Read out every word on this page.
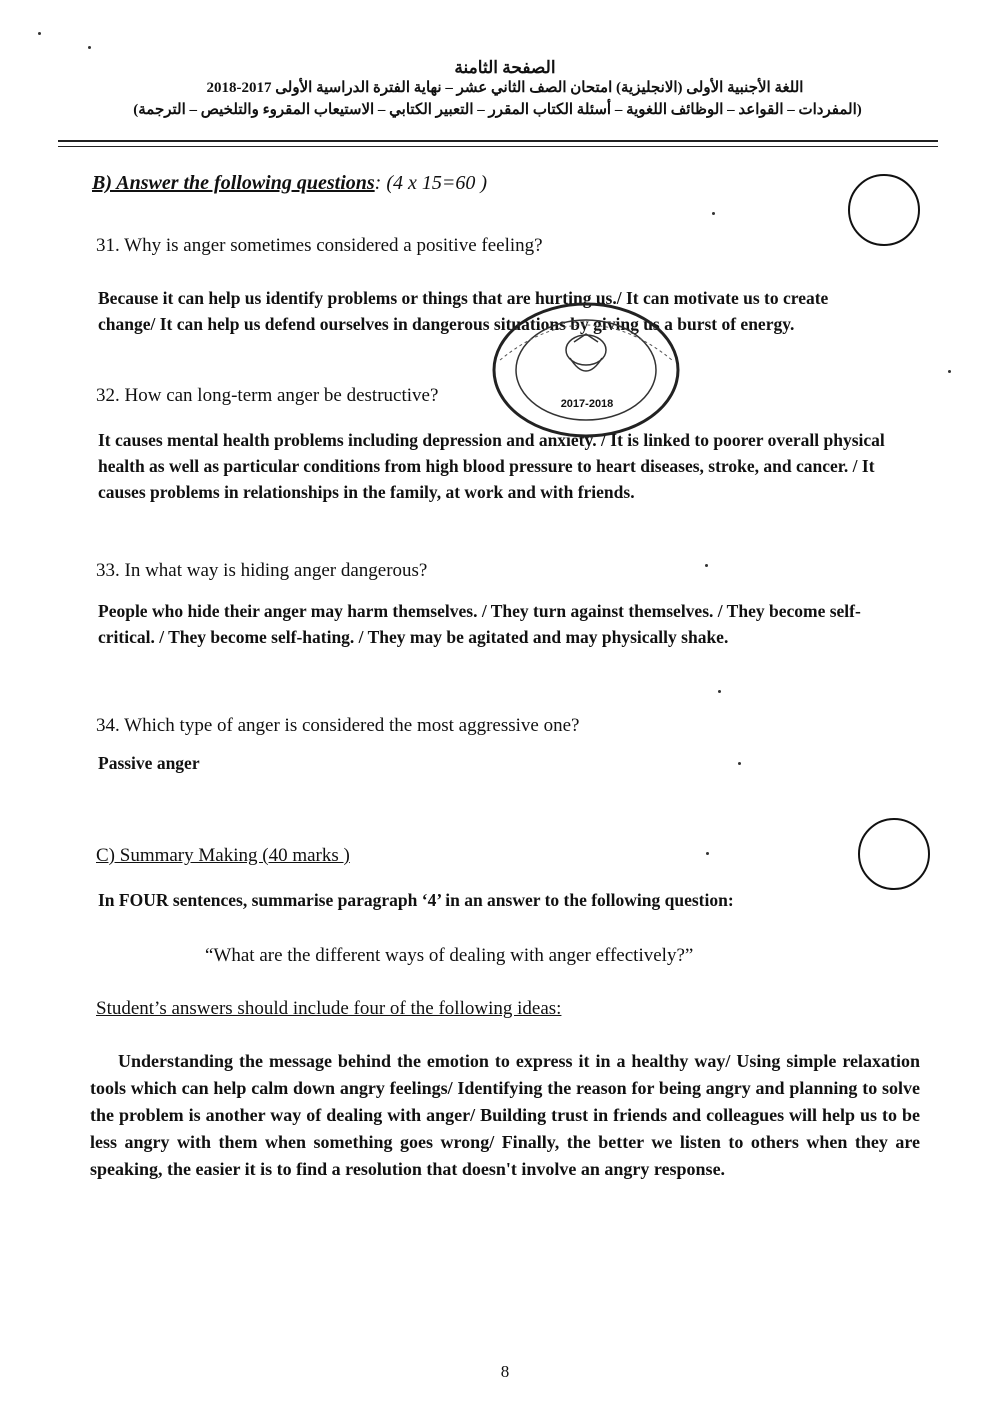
الصفحة الثامنة
اللغة الأجنبية الأولى (الانجليزية) امتحان الصف الثاني عشر – نهاية الفترة الدراسية الأولى 2017-2018
(المفردات – القواعد – الوظائف اللغوية – أسئلة الكتاب المقرر – التعبير الكتابي – الاستيعاب المقروء والتلخيص – الترجمة)
B) Answer the following questions: (4 x 15=60 )
31. Why is anger sometimes considered a positive feeling?

Because it can help us identify problems or things that are hurting us./ It can motivate us to create change/ It can help us defend ourselves in dangerous situations by giving us a burst of energy.

32. How can long-term anger be destructive?

It causes mental health problems including depression and anxiety. / It is linked to poorer overall physical health as well as particular conditions from high blood pressure to heart diseases, stroke, and cancer. / It causes problems in relationships in the family, at work and with friends.

33. In what way is hiding anger dangerous?

People who hide their anger may harm themselves. / They turn against themselves. / They become self-critical. / They become self-hating. / They may be agitated and may physically shake.

34. Which type of anger is considered the most aggressive one?

Passive anger

2017-2018
C) Summary Making (40 marks )

In FOUR sentences, summarise paragraph ‘4’ in an answer to the following question:

“What are the different ways of dealing with anger effectively?”
Student’s answers should include four of the following ideas:

Understanding the message behind the emotion to express it in a healthy way/ Using simple relaxation tools which can help calm down angry feelings/ Identifying the reason for being angry and planning to solve the problem is another way of dealing with anger/ Building trust in friends and colleagues will help us to be less angry with them when something goes wrong/ Finally, the better we listen to others when they are speaking, the easier it is to find a resolution that doesn't involve an angry response.

8
